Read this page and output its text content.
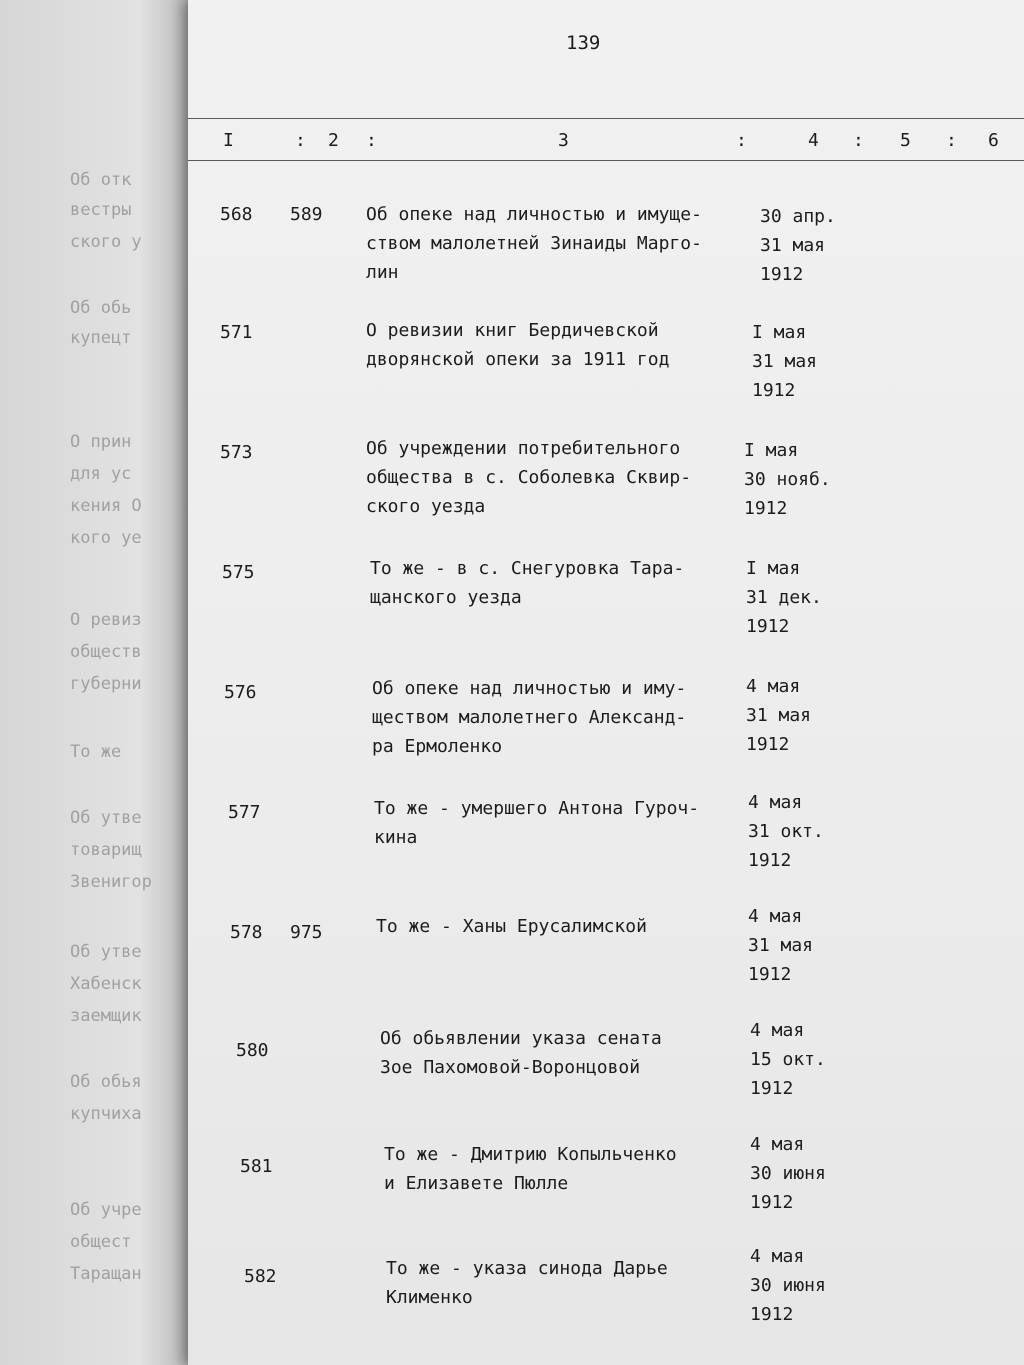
Об отк
вестры
ского у
Об обь
купецт
О прин
для ус
кения О
кого уе
О ревиз
обществ
губерни
То же
Об утве
товарищ
Звенигор
Об утве
Хабенск
заемщик
Об обья
купчиха
Об учре
общест
Таращан
139
I	: 2 :	3	:	4 : 5 : 6
568 589 Об опеке над личностью и имуще-
ством малолетней Зинаиды Марго-
лин
30 апр.
31 мая
1912
571	О ревизии книг Бердичевской
дворянской опеки за 1911 год
I мая
31 мая
1912
573	Об учреждении потребительного
общества в с. Соболевка Сквир-
ского уезда
I мая
30 нояб.
1912
575	То же - в с. Снегуровка Тара-
щанского уезда
I мая
31 дек.
1912
576	Об опеке над личностью и иму-
ществом малолетнего Александ-
ра Ермоленко
4 мая
31 мая
1912
577	То же - умершего Антона Гуроч-
кина
4 мая
31 окт.
1912
578 975	То же - Ханы Ерусалимской	4 мая
31 мая
1912
580
Об обьявлении указа сената
Зое Пахомовой-Воронцовой
4 мая
15 окт.
1912
581
То же - Дмитрию Копыльченко
и Елизавете Пюлле
4 мая
30 июня
1912
582	То же - указа синода Дарье
Клименко
4 мая
30 июня
1912
